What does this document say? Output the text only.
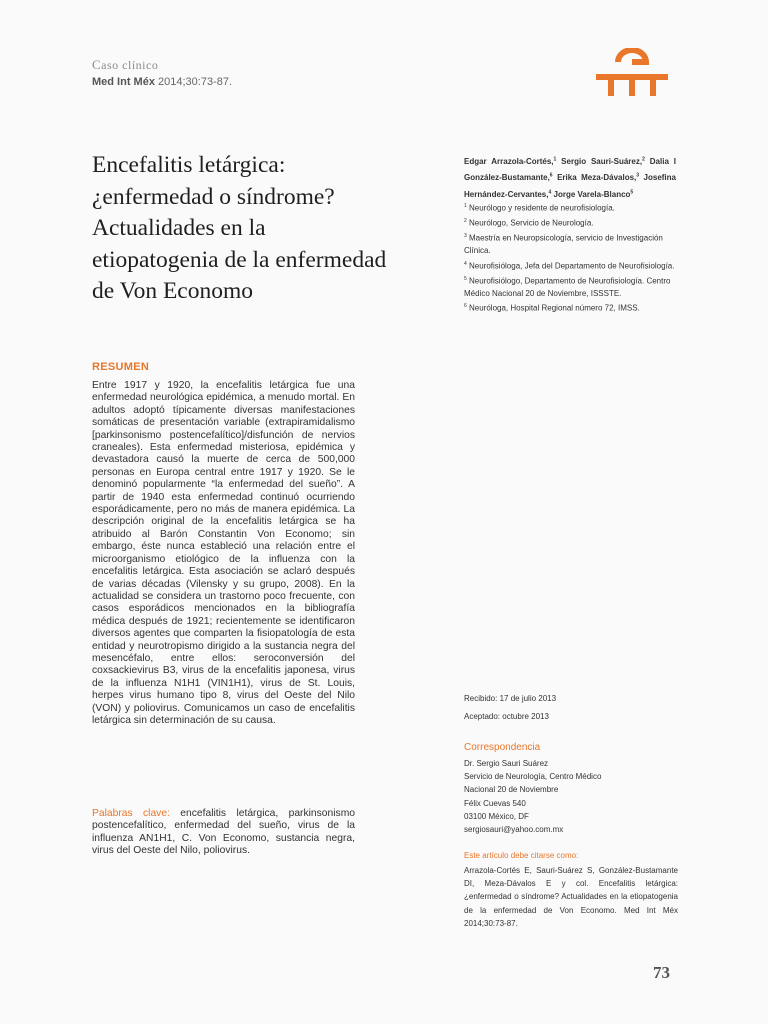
Caso clínico
Med Int Méx 2014;30:73-87.
Encefalitis letárgica: ¿enfermedad o síndrome? Actualidades en la etiopatogenia de la enfermedad de Von Economo
Edgar Arrazola-Cortés,$^1$ Sergio Sauri-Suárez,$^2$ Dalia I González-Bustamante,$^6$ Erika Meza-Dávalos,$^3$ Josefina Hernández-Cervantes,$^4$ Jorge Varela-Blanco$^5$
$^1$ Neurólogo y residente de neurofisiología.
$^2$ Neurólogo, Servicio de Neurología.
$^3$ Maestría en Neuropsicología, servicio de Investigación Clínica.
$^4$ Neurofisióloga, Jefa del Departamento de Neurofisiología.
$^5$ Neurofisiólogo, Departamento de Neurofisiología. Centro Médico Nacional 20 de Noviembre, ISSSTE.
$^6$ Neuróloga, Hospital Regional número 72, IMSS.
RESUMEN

Entre 1917 y 1920, la encefalitis letárgica fue una enfermedad neurológica epidémica, a menudo mortal. En adultos adoptó típicamente diversas manifestaciones somáticas de presentación variable (extrapiramidalismo [parkinsonismo postencefalítico]/disfunción de nervios craneales). Esta enfermedad misteriosa, epidémica y devastadora causó la muerte de cerca de 500,000 personas en Europa central entre 1917 y 1920. Se le denominó popularmente “la enfermedad del sueño”. A partir de 1940 esta enfermedad continuó ocurriendo esporádicamente, pero no más de manera epidémica. La descripción original de la encefalitis letárgica se ha atribuido al Barón Constantin Von Economo; sin embargo, éste nunca estableció una relación entre el microorganismo etiológico de la influenza con la encefalitis letárgica. Esta asociación se aclaró después de varias décadas (Vilensky y su grupo, 2008). En la actualidad se considera un trastorno poco frecuente, con casos esporádicos mencionados en la bibliografía médica después de 1921; recientemente se identificaron diversos agentes que comparten la fisiopatología de esta entidad y neurotropismo dirigido a la sustancia negra del mesencéfalo, entre ellos: seroconversión del coxsackievirus B3, virus de la encefalitis japonesa, virus de la influenza N1H1 (VIN1H1), virus de St. Louis, herpes virus humano tipo 8, virus del Oeste del Nilo (VON) y poliovirus. Comunicamos un caso de encefalitis letárgica sin determinación de su causa.

Palabras clave: encefalitis letárgica, parkinsonismo postencefalítico, enfermedad del sueño, virus de la influenza AN1H1, C. Von Economo, sustancia negra, virus del Oeste del Nilo, poliovirus.

Recibido: 17 de julio 2013
Aceptado: octubre 2013
Correspondencia
Dr. Sergio Sauri Suárez
Servicio de Neurología, Centro Médico
Nacional 20 de Noviembre
Félix Cuevas 540
03100 México, DF
sergiosauri@yahoo.com.mx
Este artículo debe citarse como:
Arrazola-Cortés E, Sauri-Suárez S, González-Bustamante DI, Meza-Dávalos E y col. Encefalitis letárgica: ¿enfermedad o síndrome? Actualidades en la etiopatogenia de la enfermedad de Von Economo. Med Int Méx 2014;30:73-87.
73
